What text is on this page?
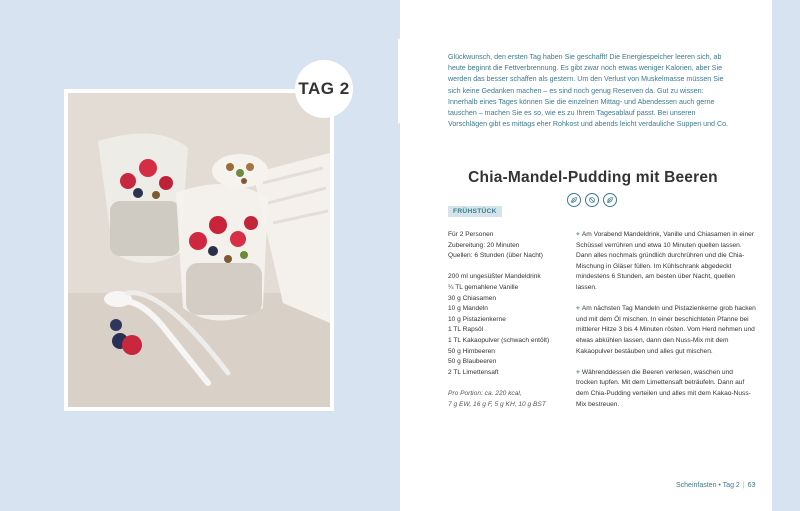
TAG 2

Glückwunsch, den ersten Tag haben Sie geschafft! Die Energiespeicher leeren sich, ab heute beginnt die Fettverbrennung. Es gibt zwar noch etwas weniger Kalorien, aber Sie werden das besser schaffen als gestern. Um den Verlust von Muskelmasse müssen Sie sich keine Gedanken machen – es sind noch genug Reserven da. Gut zu wissen: Innerhalb eines Tages können Sie die einzelnen Mittag- und Abendessen auch gerne tauschen – machen Sie es so, wie es zu Ihrem Tagesablauf passt. Bei unseren Vorschlägen gibt es mittags eher Rohkost und abends leicht verdauliche Suppen und Co.

Chia-Mandel-Pudding mit Beeren
FRÜHSTÜCK
Für 2 Personen
Zubereitung: 20 Minuten
Quellen: 6 Stunden (über Nacht)
200 ml ungesüßter Mandeldrink
¼ TL gemahlene Vanille
30 g Chiasamen
10 g Mandeln
10 g Pistazienkerne
1 TL Rapsöl
1 TL Kakaopulver (schwach entölt)
50 g Himbeeren
50 g Blaubeeren
2 TL Limettensaft
Pro Portion: ca. 220 kcal,
7 g EW, 16 g F, 5 g KH, 10 g BST

+ Am Vorabend Mandeldrink, Vanille und Chiasamen in einer Schüssel verrühren und etwa 10 Minuten quellen lassen. Dann alles nochmals gründlich durchrühren und die Chia-Mischung in Gläser füllen. Im Kühlschrank abgedeckt mindestens 6 Stunden, am besten über Nacht, quellen lassen.

+ Am nächsten Tag Mandeln und Pistazienkerne grob hacken und mit dem Öl mischen. In einer beschichteten Pfanne bei mittlerer Hitze 3 bis 4 Minuten rösten. Vom Herd nehmen und etwas abkühlen lassen, dann den Nuss-Mix mit dem Kakaopulver bestäuben und alles gut mischen.

+ Währenddessen die Beeren verlesen, waschen und trocken tupfen. Mit dem Limettensaft beträufeln. Dann auf dem Chia-Pudding verteilen und alles mit dem Kakao-Nuss-Mix bestreuen.

Scheinfasten • Tag 2 | 63
